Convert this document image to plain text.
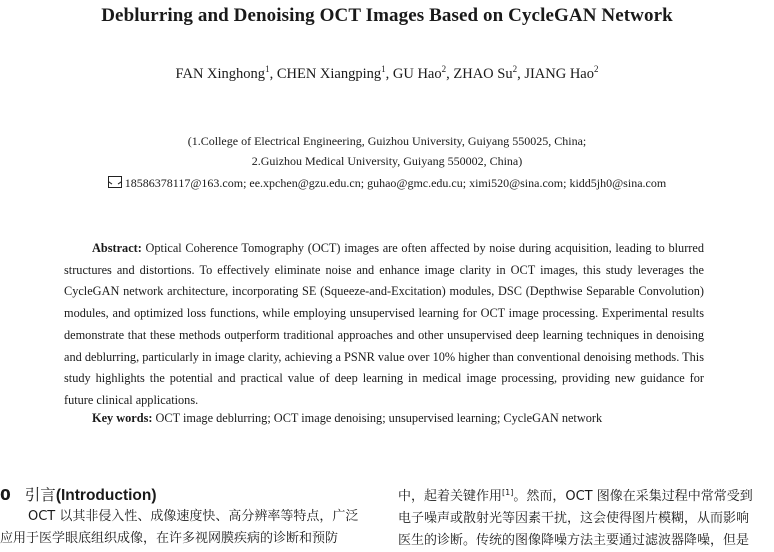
Deblurring and Denoising OCT Images Based on CycleGAN Network
FAN Xinghong$^1$, CHEN Xiangping$^1$, GU Hao$^2$, ZHAO Su$^2$, JIANG Hao$^2$
(1.College of Electrical Engineering, Guizhou University, Guiyang 550025, China;
2.Guizhou Medical University, Guiyang 550002, China)
18586378117@163.com; ee.xpchen@gzu.edu.cn; guhao@gmc.edu.cu; ximi520@sina.com; kidd5jh0@sina.com
Abstract: Optical Coherence Tomography (OCT) images are often affected by noise during acquisition, leading to blurred structures and distortions. To effectively eliminate noise and enhance image clarity in OCT images, this study leverages the CycleGAN network architecture, incorporating SE (Squeeze-and-Excitation) modules, DSC (Depthwise Separable Convolution) modules, and optimized loss functions, while employing unsupervised learning for OCT image processing. Experimental results demonstrate that these methods outperform traditional approaches and other unsupervised deep learning techniques in denoising and deblurring, particularly in image clarity, achieving a PSNR value over 10% higher than conventional denoising methods. This study highlights the potential and practical value of deep learning in medical image processing, providing new guidance for future clinical applications.
Key words: OCT image deblurring; OCT image denoising; unsupervised learning; CycleGAN network
0 引言(Introduction)
OCT 以其非侵入性、成像速度快、高分辨率等特点，广泛
应用于医学眼底组织成像，在许多视网膜疾病的诊断和预防
中，起着关键作用[1]。然而，OCT 图像在采集过程中常常受到
电子噪声或散射光等因素干扰，这会使得图片模糊，从而影响
医生的诊断。传统的图像降噪方法主要通过滤波器降噪，但是
